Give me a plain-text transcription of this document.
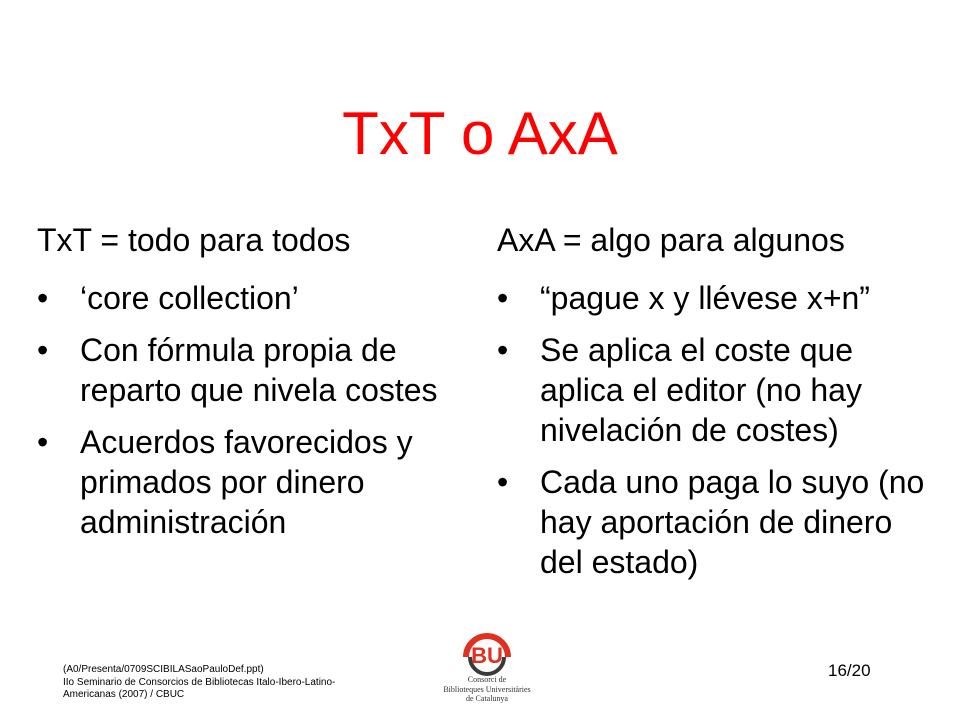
TxT o AxA
TxT = todo para todos
• ‘core collection’
• Con fórmula propia de reparto que nivela costes
• Acuerdos favorecidos y primados por dinero administración
AxA = algo para algunos
• “pague x y llévese x+n”
• Se aplica el coste que aplica el editor (no hay nivelación de costes)
• Cada uno paga lo suyo (no hay aportación de dinero del estado)
(A0/Presenta/0709SCIBILASaoPauloDef.ppt)
IIo Seminario de Consorcios de Bibliotecas Italo-Ibero-Latino-
Americanas (2007) / CBUC
BU
Consorci de
Biblioteques Universitàries
de Catalunya
16/20
